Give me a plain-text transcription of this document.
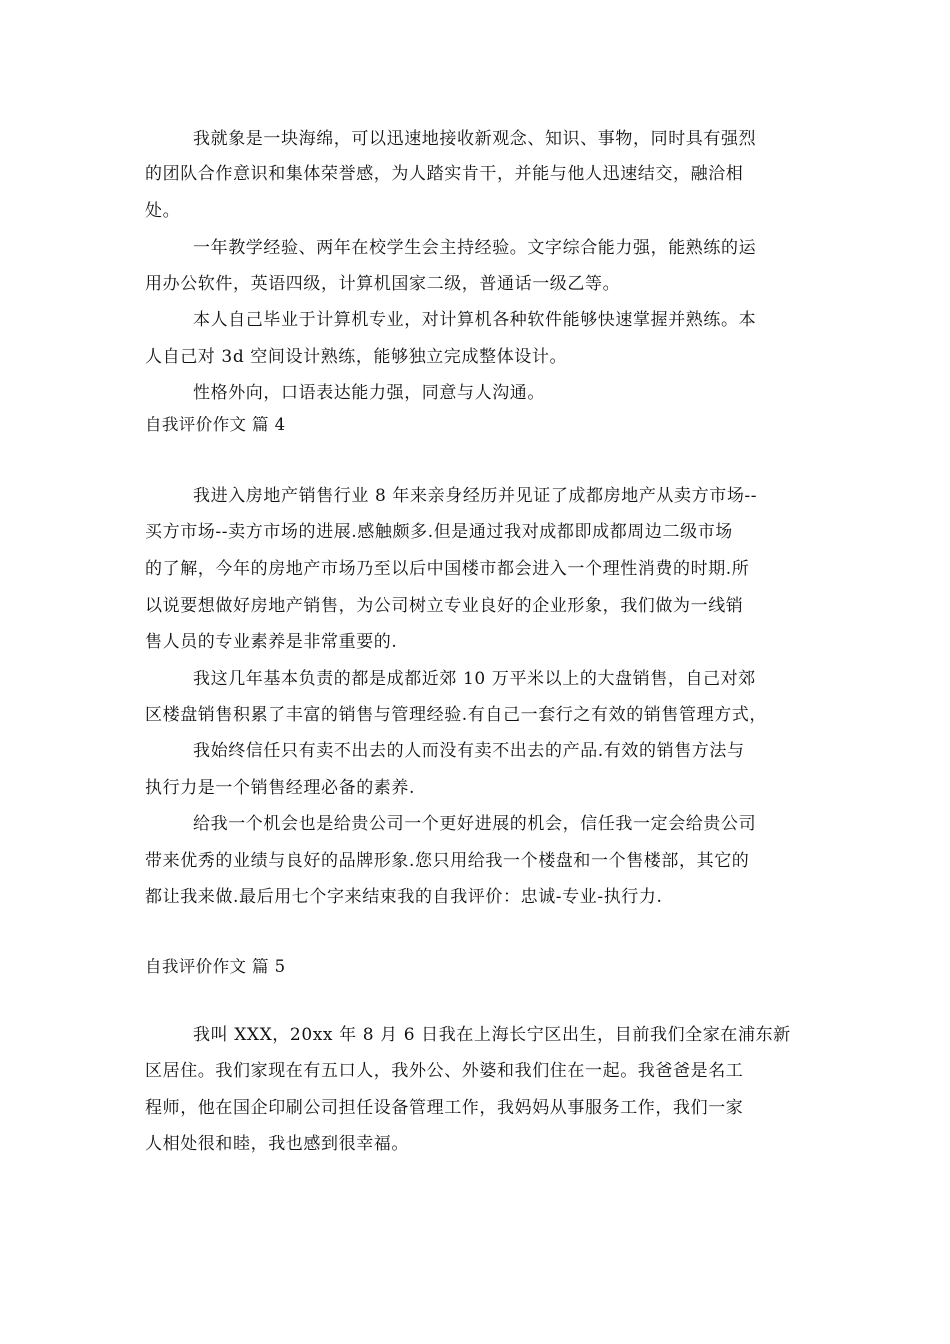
我就象是一块海绵，可以迅速地接收新观念、知识、事物，同时具有强烈
的团队合作意识和集体荣誉感，为人踏实肯干，并能与他人迅速结交，融洽相
处。
一年教学经验、两年在校学生会主持经验。文字综合能力强，能熟练的运
用办公软件，英语四级，计算机国家二级，普通话一级乙等。
本人自己毕业于计算机专业，对计算机各种软件能够快速掌握并熟练。本
人自己对 3d 空间设计熟练，能够独立完成整体设计。
性格外向，口语表达能力强，同意与人沟通。
自我评价作文 篇 4
我进入房地产销售行业 8 年来亲身经历并见证了成都房地产从卖方市场--
买方市场--卖方市场的进展.感触颇多.但是通过我对成都即成都周边二级市场
的了解，今年的房地产市场乃至以后中国楼市都会进入一个理性消费的时期.所
以说要想做好房地产销售，为公司树立专业良好的企业形象，我们做为一线销
售人员的专业素养是非常重要的.
我这几年基本负责的都是成都近郊 10 万平米以上的大盘销售，自己对郊
区楼盘销售积累了丰富的销售与管理经验.有自己一套行之有效的销售管理方式，
我始终信任只有卖不出去的人而没有卖不出去的产品.有效的销售方法与
执行力是一个销售经理必备的素养.
给我一个机会也是给贵公司一个更好进展的机会，信任我一定会给贵公司
带来优秀的业绩与良好的品牌形象.您只用给我一个楼盘和一个售楼部，其它的
都让我来做.最后用七个字来结束我的自我评价：忠诚-专业-执行力.
自我评价作文 篇 5
我叫 XXX，20xx 年 8 月 6 日我在上海长宁区出生，目前我们全家在浦东新
区居住。我们家现在有五口人，我外公、外婆和我们住在一起。我爸爸是名工
程师，他在国企印刷公司担任设备管理工作，我妈妈从事服务工作，我们一家
人相处很和睦，我也感到很幸福。
